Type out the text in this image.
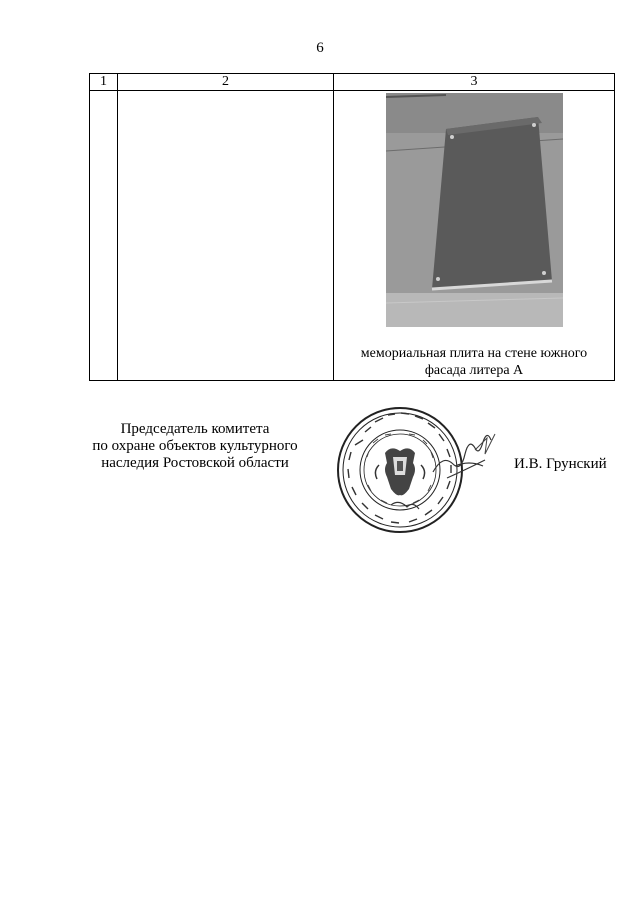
6
1	2	3

		мемориальная плита на стене южного
фасада литера А
Председатель комитета
по охране объектов культурного
наследия Ростовской области	И.В. Грунский
